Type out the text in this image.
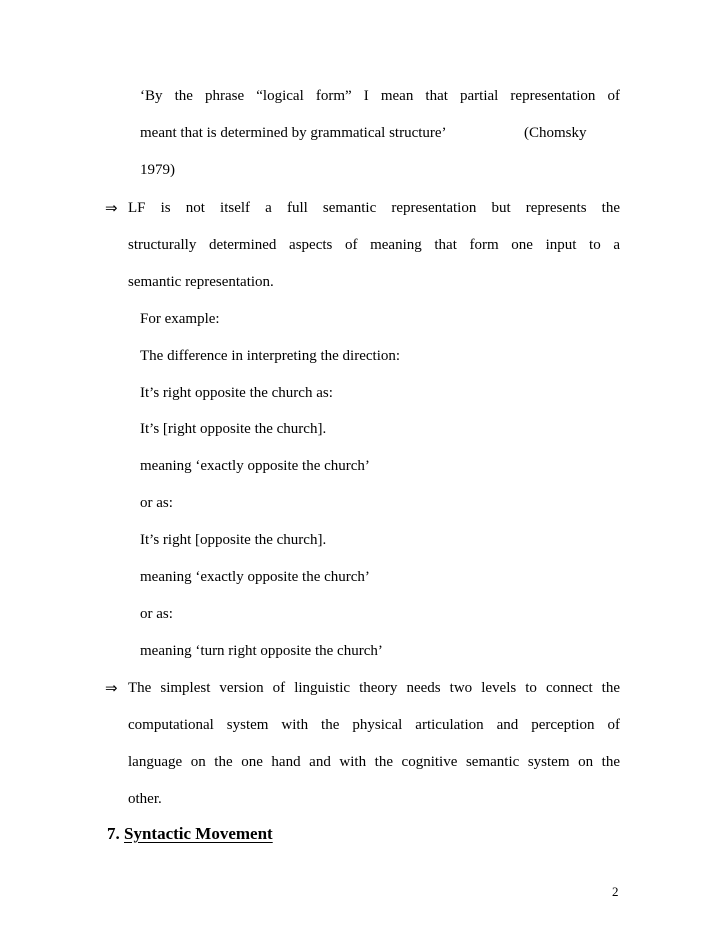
‘By the phrase “logical form” I mean that partial representation of
meant that is determined by grammatical structure’	(Chomsky
1979)
⇒ LF is not itself a full semantic representation but represents the
structurally determined aspects of meaning that form one input to a
semantic representation.
For example:
The difference in interpreting the direction:
It’s right opposite the church as:
It’s [right opposite the church].
meaning ‘exactly opposite the church’
or as:
It’s right [opposite the church].
meaning ‘exactly opposite the church’
or as:
meaning ‘turn right opposite the church’
⇒ The simplest version of linguistic theory needs two levels to connect the
computational system with the physical articulation and perception of
language on the one hand and with the cognitive semantic system on the
other.
7. Syntactic Movement
2
